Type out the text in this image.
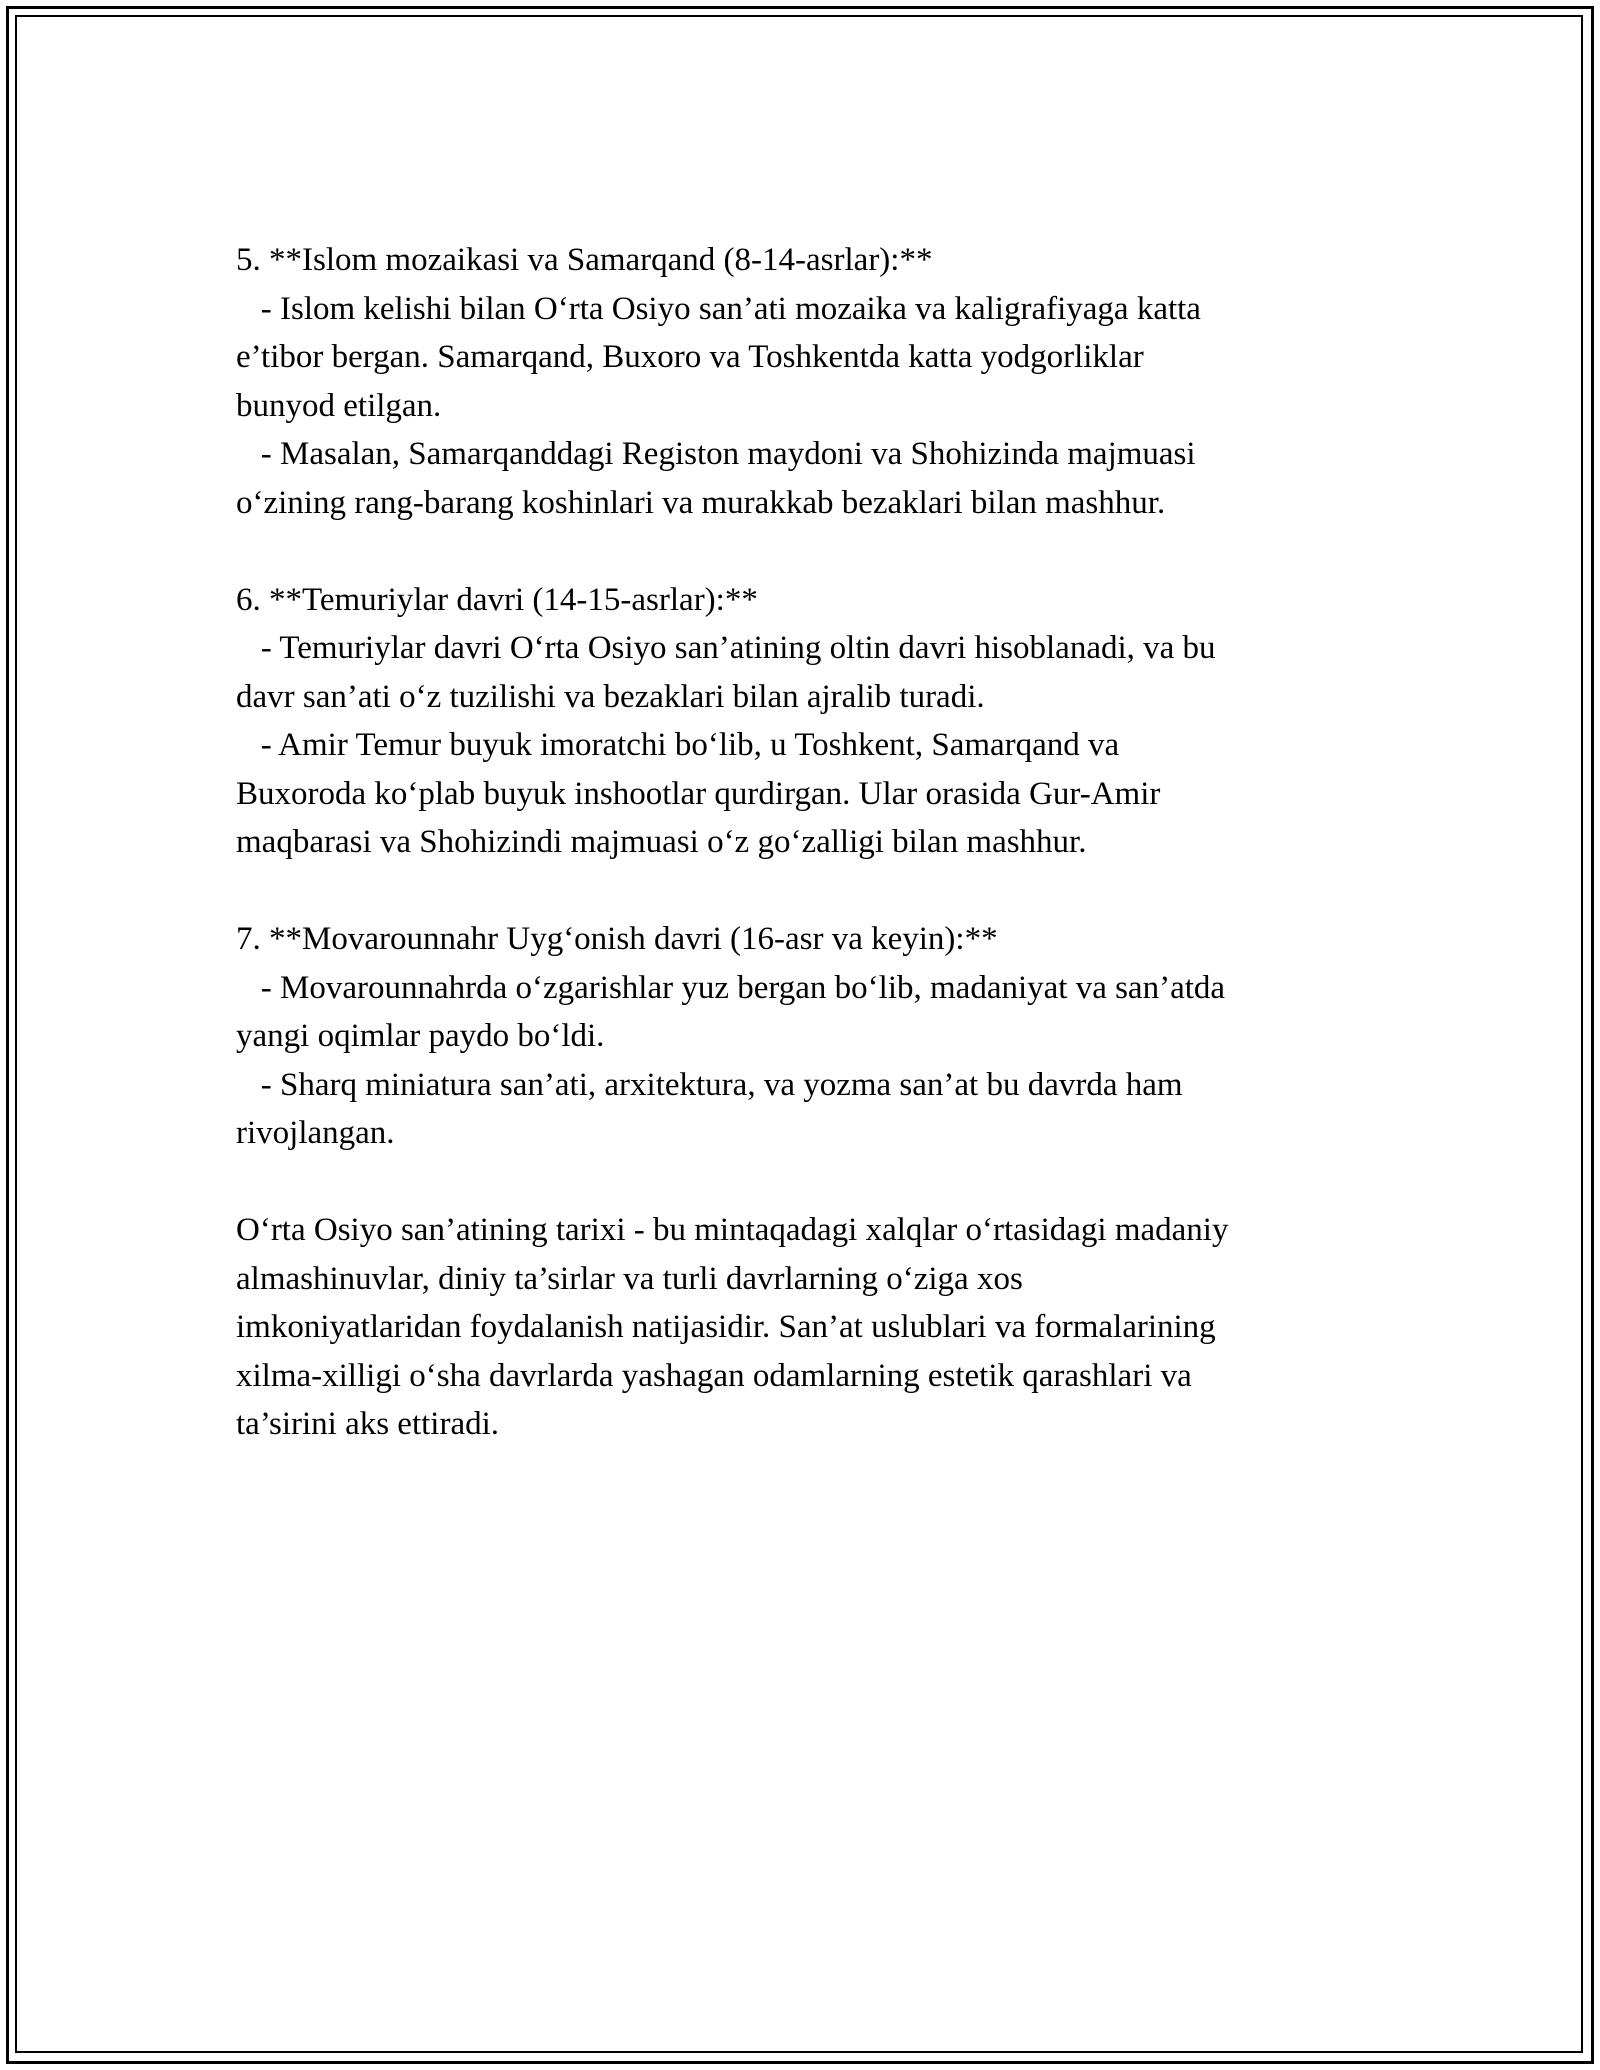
5. **Islom mozaikasi va Samarqand (8-14-asrlar):**
- Islom kelishi bilan O‘rta Osiyo san’ati mozaika va kaligrafiyaga katta
e’tibor bergan. Samarqand, Buxoro va Toshkentda katta yodgorliklar
bunyod etilgan.
- Masalan, Samarqanddagi Registon maydoni va Shohizinda majmuasi
o‘zining rang-barang koshinlari va murakkab bezaklari bilan mashhur.
6. **Temuriylar davri (14-15-asrlar):**
- Temuriylar davri O‘rta Osiyo san’atining oltin davri hisoblanadi, va bu
davr san’ati o‘z tuzilishi va bezaklari bilan ajralib turadi.
- Amir Temur buyuk imoratchi bo‘lib, u Toshkent, Samarqand va
Buxoroda ko‘plab buyuk inshootlar qurdirgan. Ular orasida Gur-Amir
maqbarasi va Shohizindi majmuasi o‘z go‘zalligi bilan mashhur.
7. **Movarounnahr Uyg‘onish davri (16-asr va keyin):**
- Movarounnahrda o‘zgarishlar yuz bergan bo‘lib, madaniyat va san’atda
yangi oqimlar paydo bo‘ldi.
- Sharq miniatura san’ati, arxitektura, va yozma san’at bu davrda ham
rivojlangan.
O‘rta Osiyo san’atining tarixi - bu mintaqadagi xalqlar o‘rtasidagi madaniy
almashinuvlar, diniy ta’sirlar va turli davrlarning o‘ziga xos
imkoniyatlaridan foydalanish natijasidir. San’at uslublari va formalarining
xilma-xilligi o‘sha davrlarda yashagan odamlarning estetik qarashlari va
ta’sirini aks ettiradi.
